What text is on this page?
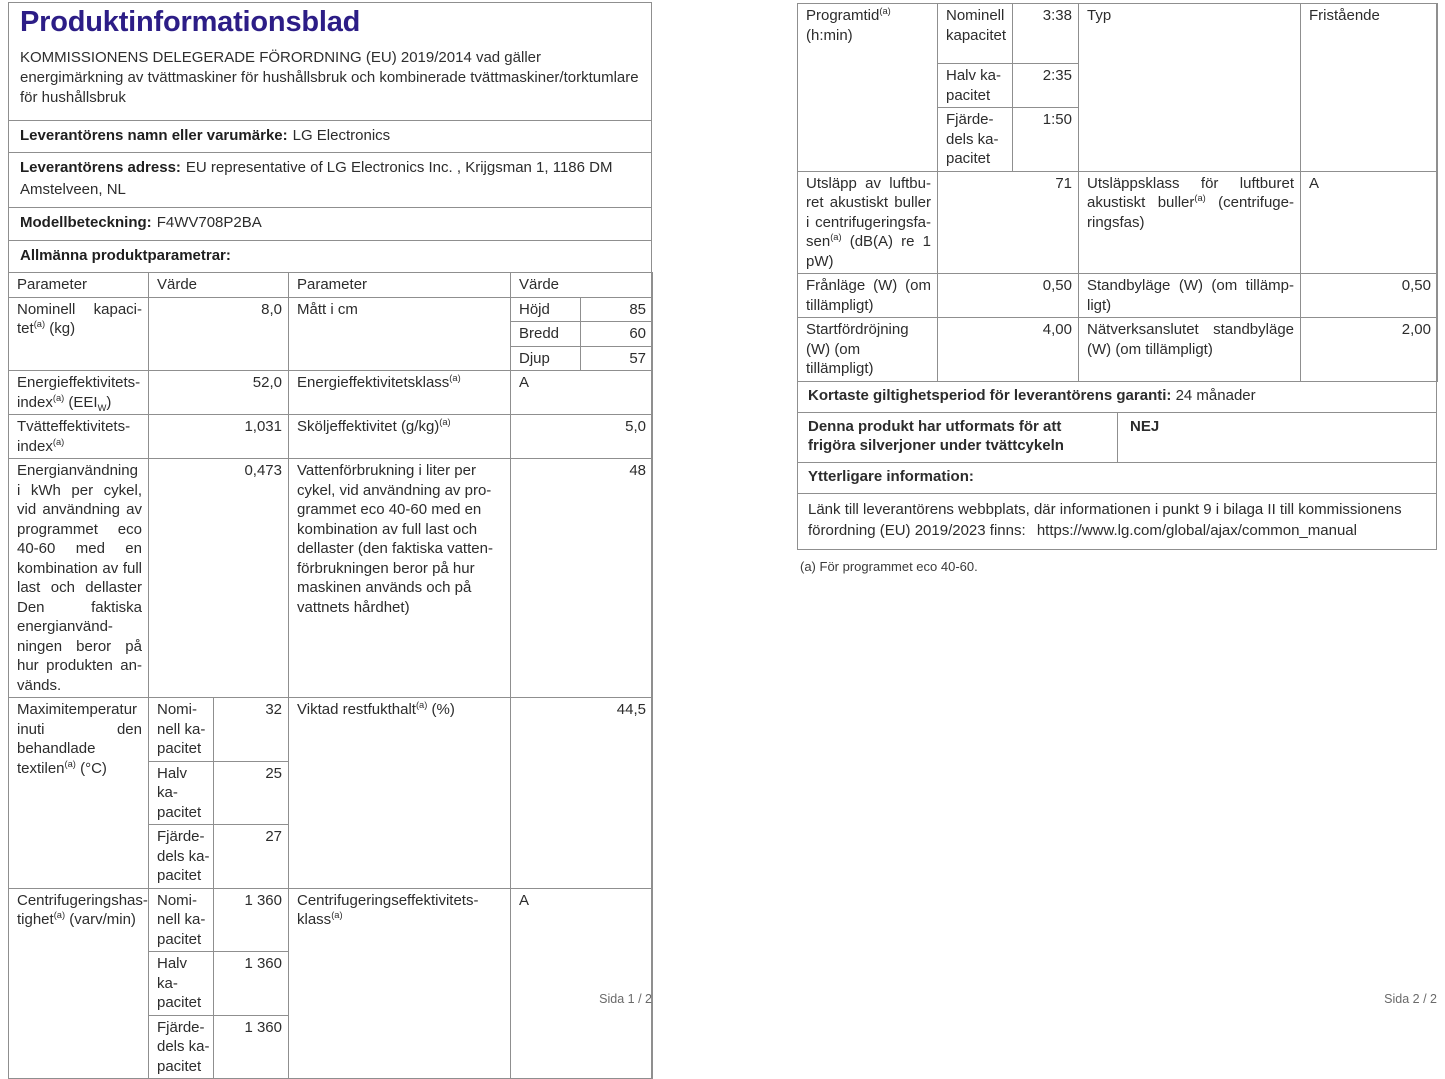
Produktinformationsblad
KOMMISSIONENS DELEGERADE FÖRORDNING (EU) 2019/2014 vad gäller energimärkning av tvättmaskiner för hushållsbruk och kombinerade tvättmaskiner/torktumlare för hushållsbruk
Leverantörens namn eller varumärke: LG Electronics
Leverantörens adress: EU representative of LG Electronics Inc. , Krijgsman 1, 1186 DM Amstelveen, NL
Modellbeteckning: F4WV708P2BA
Allmänna produktparametrar:
Parameter	Värde		Parameter	Värde	
Nominell kapacitet$^{(a)}$ (kg)	8,0		Mått i cm	Höjd	85
				Bredd	60
				Djup	57
Energieffektivitetsindex$^{(a)}$ $(EEI_W)$	52,0		Energieffektivitetsklass$^{(a)}$	A	
Tvätteffektivitetsindex$^{(a)}$	1,031		Sköljeffektivitet $(g/kg)^{(a)}$	5,0	
Energianvändning i kWh per cykel, vid användning av programmet eco 40-60 med en kombination av full last och dellaster Den faktiska energianvändningen beror på hur produkten används.	0,473		Vattenförbrukning i liter per cykel, vid användning av programmet eco 40-60 med en kombination av full last och dellaster (den faktiska vattenförbrukningen beror på hur maskinen används och på vattnets hårdhet)	48	
Maximitemperatur inuti den behandlade textilen$^{(a)}$ (°C)	Nominell kapacitet	32	Viktad restfukthalt$^{(a)}$ (%)	44,5	
	Halv kapacitet	25			
	Fjärdedels kapacitet	27			
Centrifugeringshastighet$^{(a)}$ (varv/min)	Nominell kapacitet	1 360	Centrifugeringseffektivitetsklass$^{(a)}$	A	
	Halv kapacitet	1 360			
	Fjärdedels kapacitet	1 360			
Programtid$^{(a)}$ (h:min)	Nominell kapacitet	3:38	Typ	Fristående
	Halv kapacitet	2:35		
	Fjärdedels kapacitet	1:50		
Utsläpp av luftburet akustiskt buller i centrifugeringsfasen$^{(a)}$ (dB(A) re 1 pW)	71		Utsläppsklass för luftburet akustiskt buller$^{(a)}$ (centrifugeringsfas)	A
Frånläge (W) (om tillämpligt)	0,50		Standbyläge (W) (om tillämpligt)	0,50
Startfördröjning (W) (om tillämpligt)	4,00		Nätverksanslutet standbyläge (W) (om tillämpligt)	2,00
Kortaste giltighetsperiod för leverantörens garanti: 24 månader
Denna produkt har utformats för att frigöra silverjoner under tvättcykeln
NEJ
Ytterligare information:
Länk till leverantörens webbplats, där informationen i punkt 9 i bilaga II till kommissionens förordning (EU) 2019/2023 finns: https://www.lg.com/global/ajax/common_manual
(a) För programmet eco 40-60.
Sida 1 / 2	Sida 2 / 2
